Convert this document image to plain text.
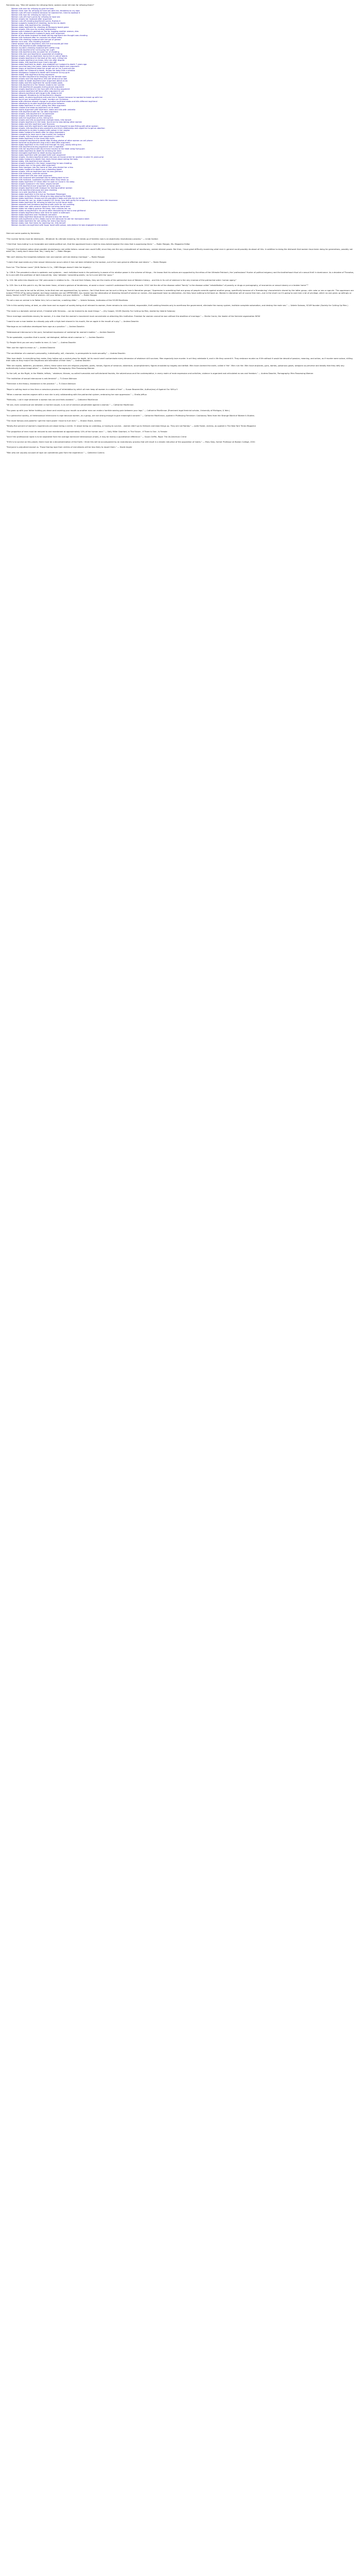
Feminists say, "Men kill women for refusing them; women never kill men for refusing them!"

1. Woman kills man for refusing to give her beer
2. Woman hires man for refusing to have sex with her; threatens to cry rape
3. Woman cuts off man's testicle because he rejected her, tried to swallow it
4. Woman kills man for refusing to marry her
5. Woman cuts off man's penis for refusing to have sex
6. Woman shoots her husband after argument
7. Woman cuts off cheating boyfriend's penis, flushes it
8. Woman suspects husband of cheating, burns him to death
9. Woman stabs, kills boyfriend for cheating
10. Woman stabs boyfriend for cheating at Monopoly board game
11. Woman shoots, kills man for ending relationship
12. Woman sets husband's genitals on fire for hugging another woman, dies
13. Woman kills, dismembers husband's body over argument
14. Mother of two stabs husband to death during argument she thought was cheating
15. Woman kills husband after he corrects her about wifey
16. Woman kills cheating husband with hot pot of grease
17. Woman runs over, kills cheating husband
18. Obese woman sits on boyfriend, kills him and avoids jail time
19. Woman kills boyfriend with sledgehammer
20. Woman murders cheating husband with coffee mug
21. Woman kills boyfriend for not buying her a gift
22. Woman kills boyfriend who accused her of cheating
23. Woman kills man and boyfriend, suspected of cheating
24. Woman shoots, kills ex-boyfriend, burns him in pile of debris
25. Woman shoots boyfriend in the back of the neck, killing him
26. Woman shoots boyfriend six times, kills him after dispute
27. Woman stabs, kills boyfriend over man's day gift
28. Woman stabs boyfriend to death, also stabbed her husband to death 7 years ago
29. Woman punches way into home, stabs boyfriend to death over argument
30. Woman angry at boyfriend takes her anger out on his 3-year-old son
31. Woman stabs her husband to death, throws her baby from a window
32. Woman bludgeons husband to death with hammer to buy gum
33. Woman stabs, kills boyfriend during argument
34. Woman murders boyfriend for keeping out her female room
35. Woman shoots and kills boyfriend, kills self while out on bail
36. Woman stabs to death boyfriend over argument about an ex
37. Woman stabs and kills boyfriend for social media posts
38. Woman kills boyfriend in the freezer, leads to her suicide
39. Woman kills boyfriend's puppies during phone argument
40. Woman shoots boyfriend in the face with rifle during argument
41. Woman pushes boyfriend off fence after argument in car
42. Woman attacks boyfriend with large knife, stabs to kill
43. Woman stopped, threatens to kill boyfriend in dispute
44. Woman beats, murders boyfriend and puts him in freezer because he wanted to break up with her
45. Woman burnt gun to boyfriend's head, murders on Christmas
46. Woman with previous assault charge on another boyfriend stabs and kills different boyfriend
47. Woman attempts to murder boyfriend with grind brewers
48. Woman stabs boyfriend in neck, killing him after argument
49. Woman chokes and stabs ex-boyfriend cut to death
50. Woman starts argument with boyfriend, stabs and kills with umbrella
51. Woman kills boyfriend with her car after argument
52. Woman shoots, kills boyfriend in his bathroom
53. Woman shoots, kills boyfriend with shotgun
54. Woman sets her boyfriend on fire, killing him
55. Woman shoots and kills ex-boyfriend multiple times, kills herself
56. Woman shoots boyfriend in the head, found out he was dating other women
57. Woman stabs and kills boyfriend over finances
58. Woman stabs and kills boyfriend's dad because she thought he was flirting with other women
59. Woman shoots, kills boyfriend who wanted to end their relationship and urged her to get an abortion
60. Woman attempts to murder husband with poison in her vagina
61. Woman stabs husband to death after he stays downstairs
62. Woman conspires to have son-in-law murder her husband
63. Woman shoots, kills husband over argument in Lake City
64. Woman stabs boyfriend in the chest with knife
65. Woman conspires boyfriend to death after finding photos of other women on cell phone
66. Woman tortured ex-boyfriend's dog until it died after argument
67. Woman stabs boyfriend in his chest and through his lung, nearly killing him
68. Woman kills boyfriend during argument over a cigarette
69. Woman kills her boyfriend with blunt force trauma to the head using frying pan
70. Woman stabs boyfriend to death for drinking her beer
71. Woman strangles boyfriend to death during argument
72. Woman stabs boyfriend with serrated knife over argument
73. Woman shoots, murders boyfriend while she was on house arrest for another murder 31 years prior
74. Woman stabs husband to death then texts friend about eating the body
75. Woman stabs, kills boyfriend over dispute
76. Woman shoots husband in the head, suspecting he was cheating
77. Woman shoots man in the groin after argument
78. Woman fires handgun into the home of man who denied her a kiss
79. Woman stabs husband to death over a tweeting tweet
80. Woman shoots, kills ex-boyfriend and his new girlfriend
81. Woman kills husband, commits suicide
82. Woman shoots and kills man over argument
83. Woman kills husband with baseball bat for talking back to her
84. Woman kills husband, confesses to police when they show up
85. Woman stabs boyfriend 37 times after he said no I none in his sleep
86. Woman shoots husband in the head, shoots herself
87. Woman kills boyfriend over argument at house party
88. Woman shoots boyfriend with shotgun for texting another woman
89. Woman kills boyfriend because she was cheating
90. Woman runs over boyfriend, kills him
91. Woman stabs boyfriend in the eye on Facebook Messenger
92. Woman stabs ex-boyfriend for refusing to stop playing the fiddle
93. Woman stabs boyfriend, throws out his grandma's bags and tells him to hit her
94. Woman throws her son up, stabs husband 102 times, now both guilty for suspicion of trying to claim life insurance
95. Woman stabs boyfriend for refusing to take her to the liquor store
96. Woman assaults and threatens boyfriend with knife for not cuddling
97. Woman stabs man with ceramic swans for not bring home beer
98. Woman stabs her elderly partner 84 times, then crashes her car
99. Woman stabs ex-boyfriend in his penis after discovering he had a new girlfriend
100. Woman shoots boyfriend twice over time he spent in bathroom
101. Woman stabs boyfriend over Facebook comment
102. Woman stabs boyfriend because he refused to buy her dinner
103. Woman sets boyfriend on fire, fatally burns him because he ate her marijuana stash
104. Woman stabs boyfriend for not calling her every two hours
105. Woman stabs man five times for rejecting her, kills herself
106. Woman murders ex-boyfriend with liquor laced with poison, was jealous he was engaged to new woman

Here are some quotes by feminists:

"The nuclear family must be destroyed... Whatever its ultimate meaning, the break-up of families now is an objectively revolutionary process." — Linda Gordon

"I feel that 'man-hating' is an honorable and viable political act, that the oppressed have a right to class-hatred against the class that is oppressing them." — Robin Morgan, Ms. Magazine Editor

"I haven't the faintest notion what possible revolutionary role white hetero- sexual men could fulfill, since they are the very embodiment of reactionary, vested-interest power. But then, I have great difficulty examining what men in general could possibly do about all this. In addition to doing the dishwork that women have been doing for generations, possibly not exist? No, I really don't mean that. Yes, I really do." — Robin Morgan

"We can't destroy the inequities between men and women until we destroy marriage." — Robin Morgan

"I claim that rape exists any time sexual intercourse occurs when it has not been initiated by the woman, out of her own genuine affection and desire." — Robin Morgan

From her "The Demon Lover" (W.W. Norton & Co., 1989 Morgan doesn't hide her bigotry):

"p. 138-9: The prevalent culture is epidemic and systemic... each individual male in the patriarchy is aware of his relative power in the scheme of things... He knows that his actions are supported by the ethos of the Ultimate Patriarch, the 'professional' Hunter of political exigency and the brotherhood ritual of a sexual thrill in dominance. As a devotee of Thanatos, he is one with the pantheon of dark masculinity; 'play' between 'consenting adults,' as he is one with the 'guys.'"

"p. 224: We write into dispute our 'life' percussion in relation to its... He and their fellows, they are the marks of the patriarchal man of Western history... and this in its cult of violence is the very marrow of the patriarchal order: human agony."

"p. 229: Sex is at this point in my life has been linear, at best a gesture of tenderness, at worst a clone I couldn't understand the kind of muscle. 2010 'old the die of the disease called "family" is the disease called "rehabilitation" of poverty or drugs or pornography, of economics or sexual slavery or a broken home"""

"And let's just now to be not for all-time, to be that men are oppressed too, by sexism—'be it that there can be such a thing as 'men's liberation groups.' Oppression is something that one group of people commits against another group, specifically because of a 'threatening' characteristic shared by the latter group—skin color or sex or age,etc. The oppressors are indeed ***FED UP by being treated, but those enablers are not OPPRESSED. Any master has the alternative of divesting himself of sexism or racism—the oppressed have no alternative—for they have nothing to fall back on. Women's Liberation will of course free men—but in the short run it's going to cost men a lot of privilege, which no one gives up willingly or easily. Sexism is NOT the fault of women—kill your fathers, not your mothers." — Robin Morgan

"To call a man an animal is to flatter him; he's a machine, a walking dildo." — Valerie Solanas, Authoress of the SCUM Manifesto

"Life in this society being, at best, an utter bore and no aspect of society being at all relevant to women, there remains to civic-minded, responsible, thrill-seeking females only to overthrow the government, eliminate the money system, institute complete automation, and destroy the male sex." — Valerie Solanas, SCUM founder (Society for Cutting Up Men.)

"The male is a domestic animal which, if treated with firmness... can be trained to do most things." — Jilly Cooper, SCUM (Society For Cutting Up Men, started by Valerie Solanas)

"Since marriage constitutes slavery for women, it is clear that the women's movement must concentrate on attacking this institution. Freedom for women cannot be won without the abolition of marriage." — Sheila Cronin, the leader of the feminist organization NOW

"I want to see a man beaten to a bloody pulp with a high-heel shoved in his mouth, like an apple in the mouth of a pig." — Andrea Dworkin

"Marriage as an institution developed from rape as a practice." — Andrea Dworkin

"Heterosexual intercourse is the pure, formalized expression of contempt for women's bodies." — Andrea Dworkin

"To be speakable, a position that is social, not biological, defines what a woman is." — Andrea Dworkin

"Q: People think you are very hostile to men. A: I am." — Andrea Dworkin

"Men use the night to erase us." — Andrea Dworkin

"The annihilation of a woman's personality, individuality, will, character, is prerequisite to male sexuality." — Andrea Dworkin

"Men love death. In everything they make, they hollow out a central place for death, let its rancid smell contaminate every dimension of whatever still survives. Men especially love murder. In art they celebrate it, and in life they commit it. They embrace murder as if life without it would be devoid of passion, meaning, and action, as if murder were solace, stilling their sobs as they mourn the emptiness and alienation of their lives." — Andrea Dworkin

"Men are rapists, batterers, plunderers, killers; these same men are religious prophets, poets, heroes, figures of romance, adventure, accomplishment, figures ennobled by tragedy and defeat. Men have claimed the earth, called it 'Her'. Men ruin Her. Men have airplanes, guns, bombs, poisonous gases, weapons so perverse and deadly that they defy any authentically human imagination." — Andrea Dworkin, Pornography: Men Possessing Women

"In the Left, on the Right, in the Middle, leftists, ' whatever; thieves, so-called humanists and self-declared fascists, the adventurous and the contemplative, in every realm of male expression and activities, violence is organized and articulated as sex and freedom." — Andrea Dworkin, Pornography: Men Possessing Women

"The institution of sexual intercourse is anti-feminist" — Ti-Grace Atkinson

"Feminism is the theory, lesbianism is the practice." — Ti-Grace Atkinson

"Rape is nothing more or less than a conscious process of intimidation by which all men keep all women in a state of fear" — Susan Brownmiller, Author(ess) of Against Our Will p.5

"When a woman reaches orgasm with a man she is only collaborating with the patriarchal system, embracing her own oppression." — Sheila Jeffrys

"Politically, I call it rape whenever a woman has sex and feels violated." — Catharine MacKinnon

"All sex, even consensual sex between a married couple, is an act of violence perpetrated against a woman." — Catharine MacKinnon

"You grow up with your father holding you down and covering your mouth so another man can make a horrible searing pain between your legs." — Catharine MacKinnon (Prominent legal feminist scholar, University of Michigan, & Yale.)

"In a patriarchal society, all heterosexual intercourse is rape because women, as a group, are not strong enough to give meaningful consent." — Catharine MacKinnon, quoted in Professing Feminism: Cautionary Tales from the Strange World of Women's Studies.

"The more famous and powerful I get the more power I have to hurt men." — Sharon Stone, Actress

"Ninety-five percent of women's experiences are about being a victim. Or about being an underdog, or having to survive... women didn't go to Vietnam and blow things up. They are not Rambo." — Jodie Foster, Actress, as quoted in The New York Times Magazine

"The proportion of men must be reduced to and maintained at approximately 10% of the human race." — Sally Miller Gearhart, in The Future - If There Is One - Is Female

"And if the professional rapist is to be separated from the average dominant heterosexual (male), it may be mainly a quantitative difference." — Susan Griffin, Rape: The All-American Crime

"If life is to survive on this planet, there must be a decontamination of the Earth. I think this will be accompanied by an evolutionary process that will result in a drastic reduction of the population of males." — Mary Daly, former Professor at Boston College, 2001

"Everyone is prejudiced except us. Those fearing rape from victims of real attacks will be less likely to report them." — David Angier

"Men who are unjustly accused of rape can sometimes gain from the experience." — Catherine Comins
